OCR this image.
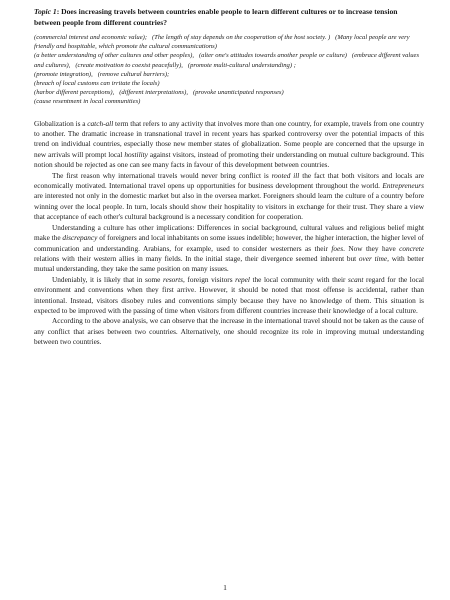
Topic 1: Does increasing travels between countries enable people to learn different cultures or to increase tension between people from different countries?
(commercial interest and economic value); (The length of stay depends on the cooperation of the host society. ) (Many local people are very friendly and hospitable, which promote the cultural communications)
(a better understanding of other cultures and other peoples), (alter one's attitudes towards another people or culture) (embrace different values and cultures), (create motivation to coexist peacefully), (promote multi-cultural understanding) ;
(promote integration), (remove cultural barriers);
(breach of local customs can irritate the locals)
(harbor different perceptions), (different interpretations), (provoke unanticipated responses)
(cause resentment in local communities)

Globalization is a catch-all term that refers to any activity that involves more than one country, for example, travels from one country to another. The dramatic increase in transnational travel in recent years has sparked controversy over the potential impacts of this trend on individual countries, especially those new member states of globalization. Some people are concerned that the upsurge in new arrivals will prompt local hostility against visitors, instead of promoting their understanding on mutual culture background. This notion should be rejected as one can see many facts in favour of this development between countries.

The first reason why international travels would never bring conflict is rooted ill the fact that both visitors and locals are economically motivated. International travel opens up opportunities for business development throughout the world. Entrepreneurs are interested not only in the domestic market but also in the oversea market. Foreigners should learn the culture of a country before winning over the local people. In turn, locals should show their hospitality to visitors in exchange for their trust. They share a view that acceptance of each other's cultural background is a necessary condition for cooperation.

Understanding a culture has other implications: Differences in social background, cultural values and religious belief might make the discrepancy of foreigners and local inhabitants on some issues indelible; however, the higher interaction, the higher level of communication and understanding. Arabians, for example, used to consider westerners as their foes. Now they have concrete relations with their western allies in many fields. In the initial stage, their divergence seemed inherent but over time, with better mutual understanding, they take the same position on many issues.

Undeniably, it is likely that in some resorts, foreign visitors repel the local community with their scant regard for the local environment and conventions when they first arrive. However, it should be noted that most offense is accidental, rather than intentional. Instead, visitors disobey rules and conventions simply because they have no knowledge of them. This situation is expected to be improved with the passing of time when visitors from different countries increase their knowledge of a local culture.

According to the above analysis, we can observe that the increase in the international travel should not be taken as the cause of any conflict that arises between two countries. Alternatively, one should recognize its role in improving mutual understanding between two countries.

1
